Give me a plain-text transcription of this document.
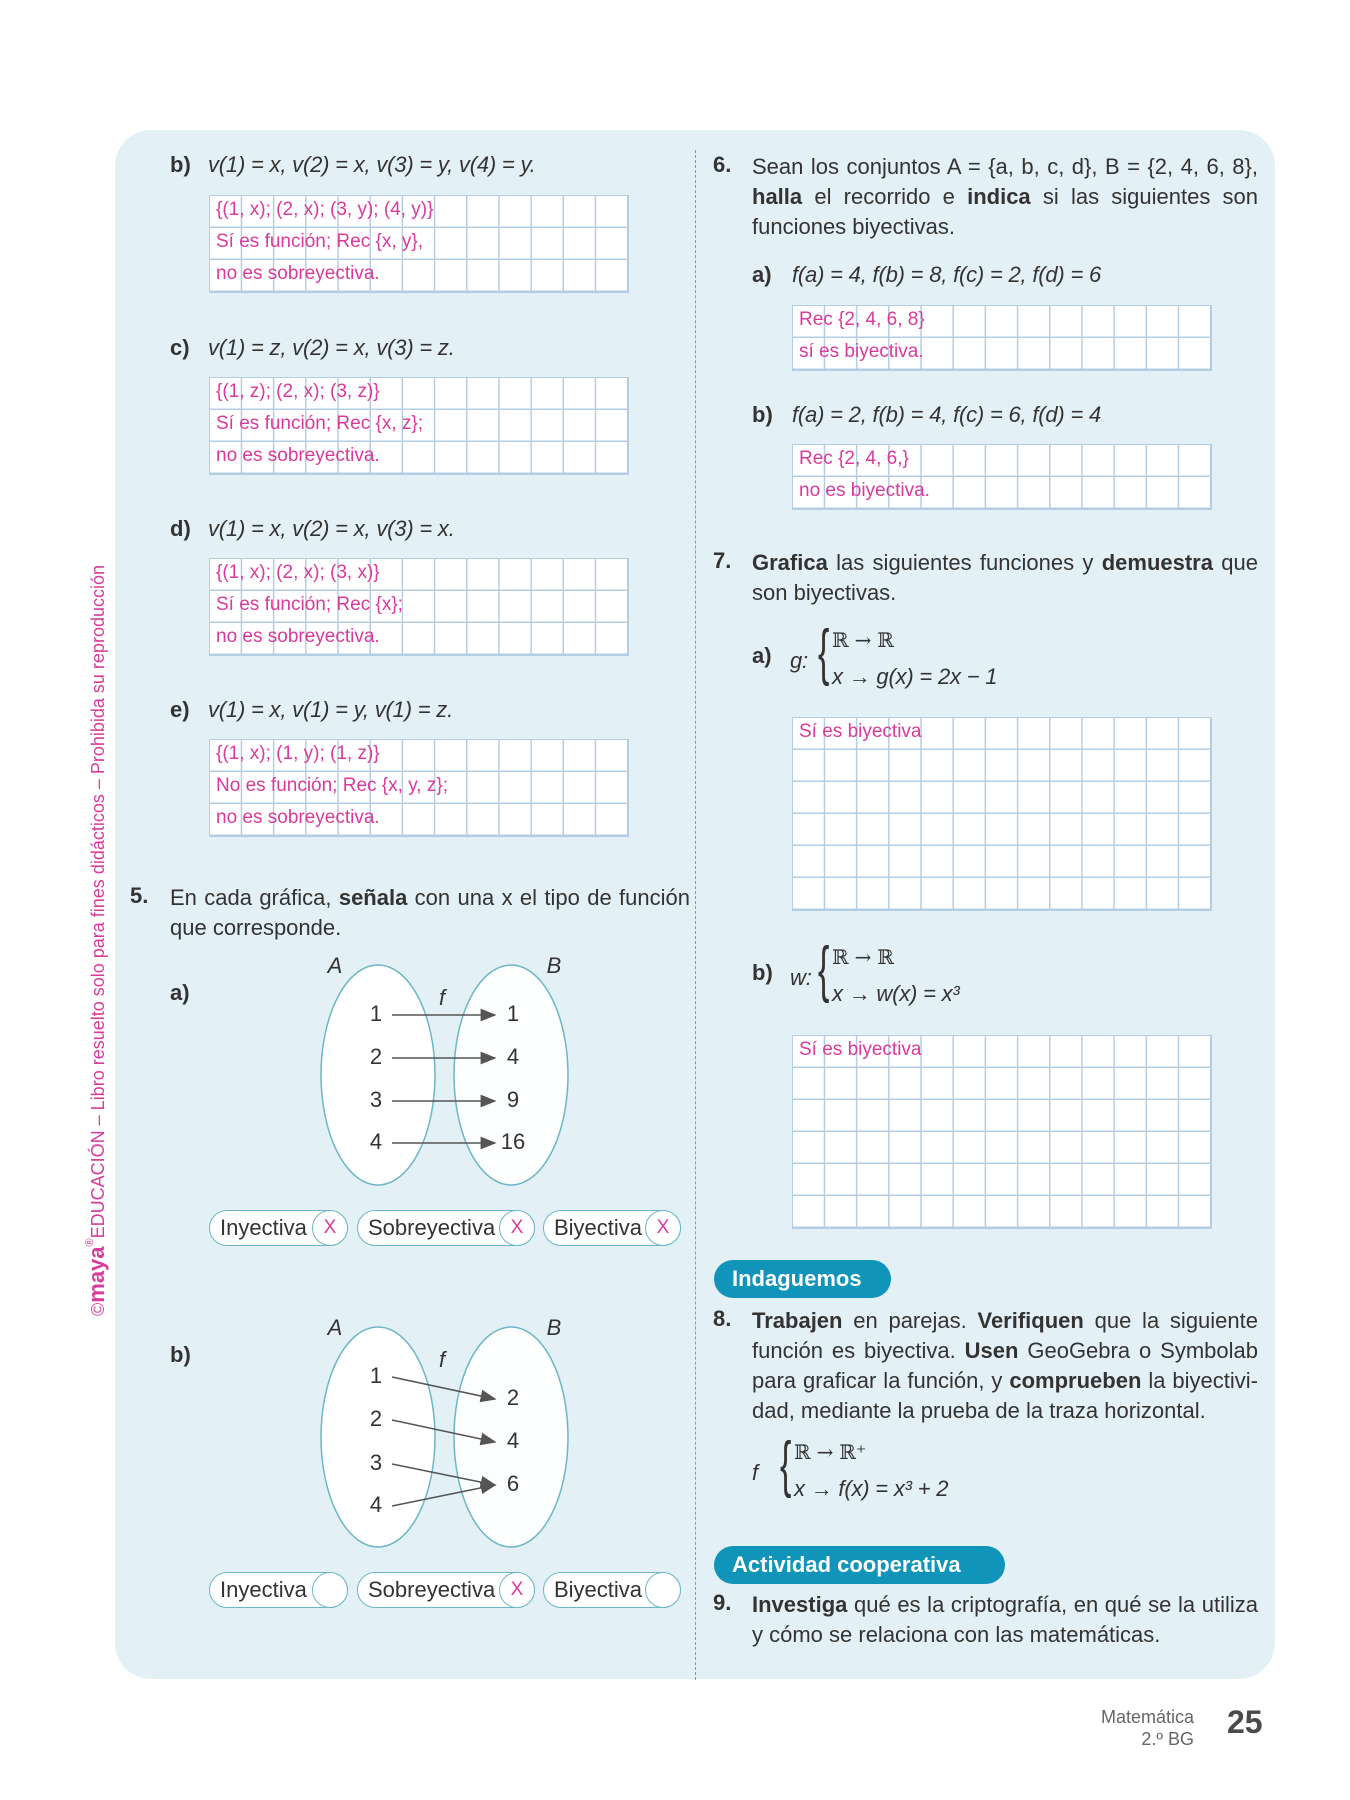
©maya®EDUCACIÓN – Libro resuelto solo para fines didácticos – Prohibida su reproducción
b) v(1) = x, v(2) = x, v(3) = y, v(4) = y.
{(1, x); (2, x); (3, y); (4, y)}
Sí es función; Rec {x, y},
no es sobreyectiva.
c) v(1) = z, v(2) = x, v(3) = z.
{(1, z); (2, x); (3, z)}
Sí es función; Rec {x, z};
no es sobreyectiva.
d) v(1) = x, v(2) = x, v(3) = x.
{(1, x); (2, x); (3, x)}
Sí es función; Rec {x};
no es sobreyectiva.
e) v(1) = x, v(1) = y, v(1) = z.
{(1, x); (1, y); (1, z)}
No es función; Rec {x, y, z};
no es sobreyectiva.
5. En cada gráfica, señala con una x el tipo de función
que corresponde.
a)
A	B
f
1
2
3
4
1
4
9
16
Inyectiva X	Sobreyectiva X	Biyectiva X
b)
A	B
f
1
2
3
4
2
4
6
Inyectiva	Sobreyectiva X	Biyectiva
6. Sean los conjuntos A = {a, b, c, d}, B = {2, 4, 6, 8},
halla el recorrido e indica si las siguientes son
funciones biyectivas.
a) f(a) = 4, f(b) = 8, f(c) = 2, f(d) = 6
Rec {2, 4, 6, 8}
sí es biyectiva.
b) f(a) = 2, f(b) = 4, f(c) = 6, f(d) = 4
Rec {2, 4, 6,}
no es biyectiva.
7. Grafica las siguientes funciones y demuestra que
son biyectivas.
a) g: { ℝ → ℝ
x → g(x) = 2x − 1
Sí es biyectiva
b) w: { ℝ → ℝ
x → w(x) = x³
Sí es biyectiva
Indaguemos
8. Trabajen en parejas. Verifiquen que la siguiente
función es biyectiva. Usen GeoGebra o Symbolab
para graficar la función, y comprueben la biyectivi-
dad, mediante la prueba de la traza horizontal.
f { ℝ → ℝ⁺
x → f(x) = x³ + 2
Actividad cooperativa
9. Investiga qué es la criptografía, en qué se la utiliza
y cómo se relaciona con las matemáticas.
Matemática
2.º BG 25
